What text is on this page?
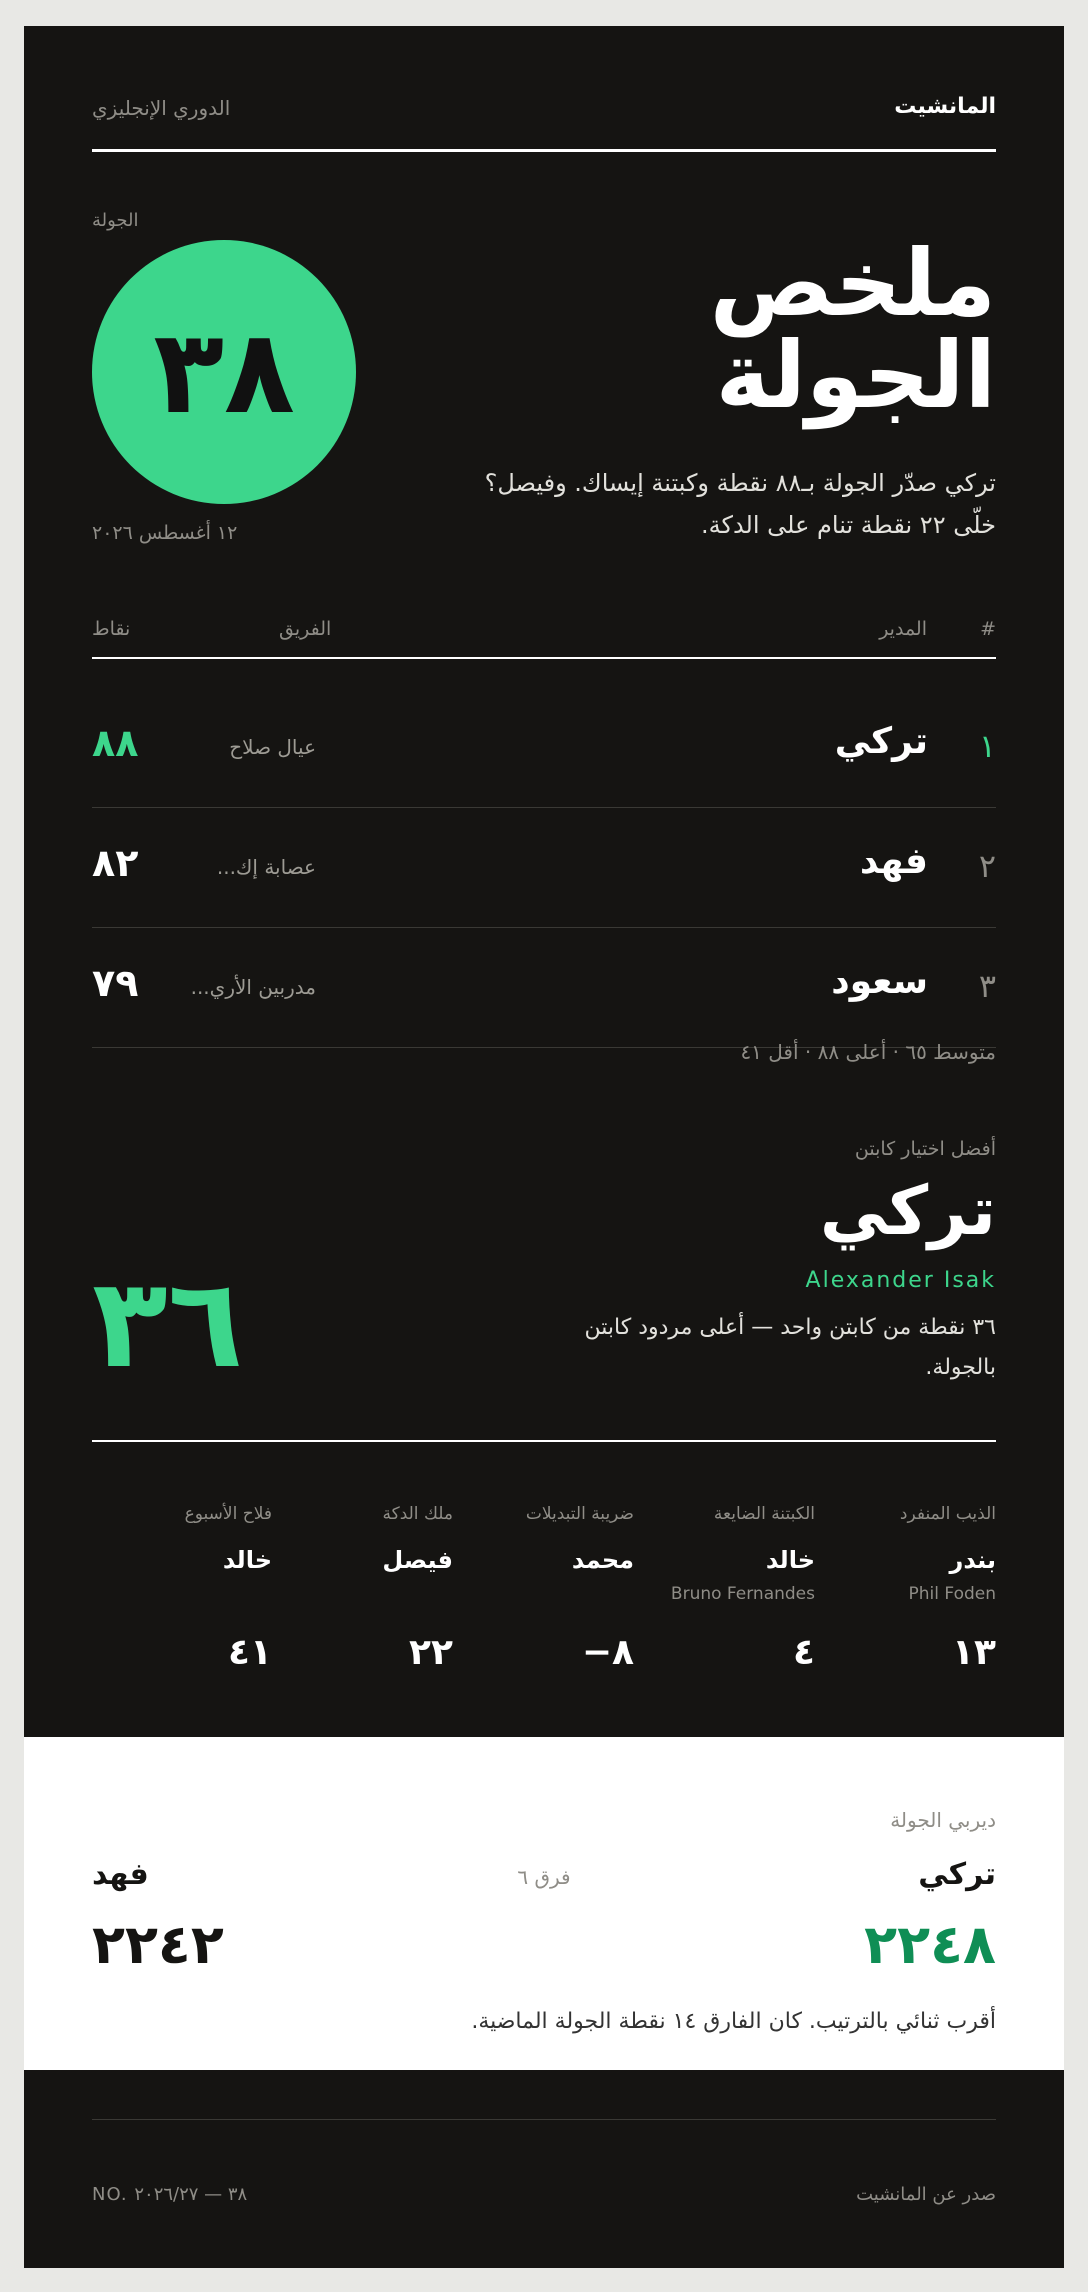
المانشيت
الدوري الإنجليزي
الجولة
٣٨
١٢ أغسطس ٢٠٢٦
ملخص
الجولة
تركي صدّر الجولة بـ٨٨ نقطة وكبتنة إيساك. وفيصل؟
خلّى ٢٢ نقطة تنام على الدكة.
#
المدير
الفريق
نقاط
١
تركي
عيال صلاح
٨٨
٢
فهد
عصابة إك...
٨٢
٣
سعود
مدربين الأري...
٧٩
متوسط ٦٥ · أعلى ٨٨ · أقل ٤١
أفضل اختيار كابتن
تركي
Alexander Isak
٣٦ نقطة من كابتن واحد — أعلى مردود كابتن
بالجولة.
٣٦
الذيب المنفرد
بندر
Phil Foden
١٣
الكبتنة الضايعة
خالد
Bruno Fernandes
٤
ضريبة التبديلات
محمد
٨−
ملك الدكة
فيصل
٢٢
فلاح الأسبوع
خالد
٤١
ديربي الجولة
تركي
فرق ٦
فهد
٢٢٤٨
٢٢٤٢
أقرب ثنائي بالترتيب. كان الفارق ١٤ نقطة الجولة الماضية.
NO. ٣٨ — ٢٠٢٦/٢٧	صدر عن المانشيت
